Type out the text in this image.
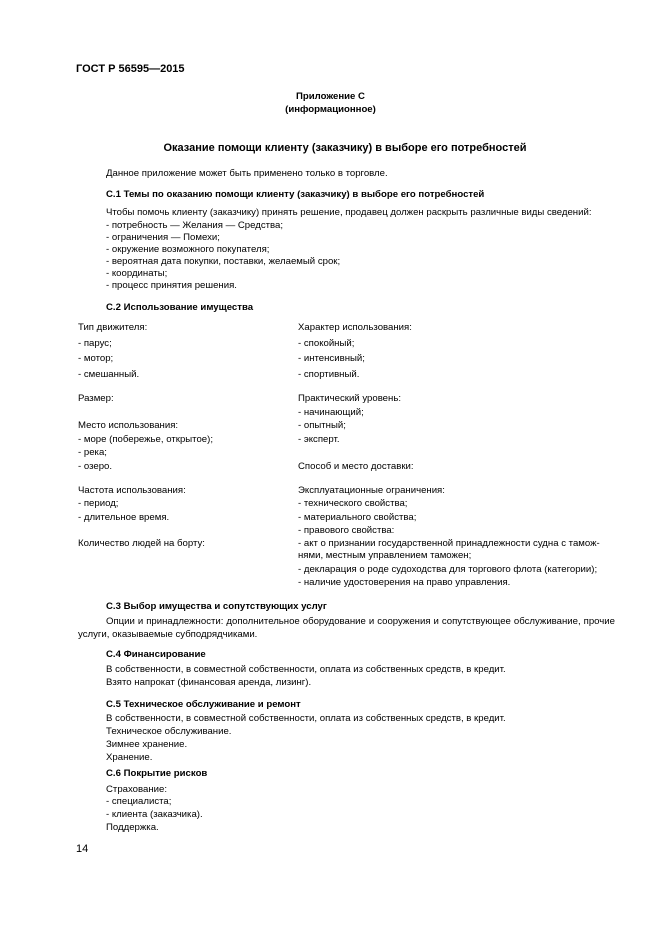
ГОСТ Р 56595—2015
Приложение С
(информационное)
Оказание помощи клиенту (заказчику) в выборе его потребностей
Данное приложение может быть применено только в торговле.
С.1 Темы по оказанию помощи клиенту (заказчику) в выборе его потребностей
Чтобы помочь клиенту (заказчику) принять решение, продавец должен раскрыть различные виды сведений:
- потребность — Желания — Средства;
- ограничения — Помехи;
- окружение возможного покупателя;
- вероятная дата покупки, поставки, желаемый срок;
- координаты;
- процесс принятия решения.
С.2 Использование имущества
Тип движителя:
- парус;
- мотор;
- смешанный.
Размер:
Место использования:
- море (побережье, открытое);
- река;
- озеро.
Частота использования:
- период;
- длительное время.
Количество людей на борту:
Характер использования:
- спокойный;
- интенсивный;
- спортивный.
Практический уровень:
- начинающий;
- опытный;
- эксперт.
Способ и место доставки:
Эксплуатационные ограничения:
- технического свойства;
- материального свойства;
- правового свойства:
- акт о признании государственной принадлежности судна с тамож-
нями, местным управлением таможен;
- декларация о роде судоходства для торгового флота (категории);
- наличие удостоверения на право управления.
С.3 Выбор имущества и сопутствующих услуг
Опции и принадлежности: дополнительное оборудование и сооружения и сопутствующее обслуживание, прочие услуги, оказываемые субподрядчиками.
С.4 Финансирование
В собственности, в совместной собственности, оплата из собственных средств, в кредит.
Взято напрокат (финансовая аренда, лизинг).
С.5 Техническое обслуживание и ремонт
В собственности, в совместной собственности, оплата из собственных средств, в кредит.
Техническое обслуживание.
Зимнее хранение.
Хранение.
С.6 Покрытие рисков
Страхование:
- специалиста;
- клиента (заказчика).
Поддержка.
14
